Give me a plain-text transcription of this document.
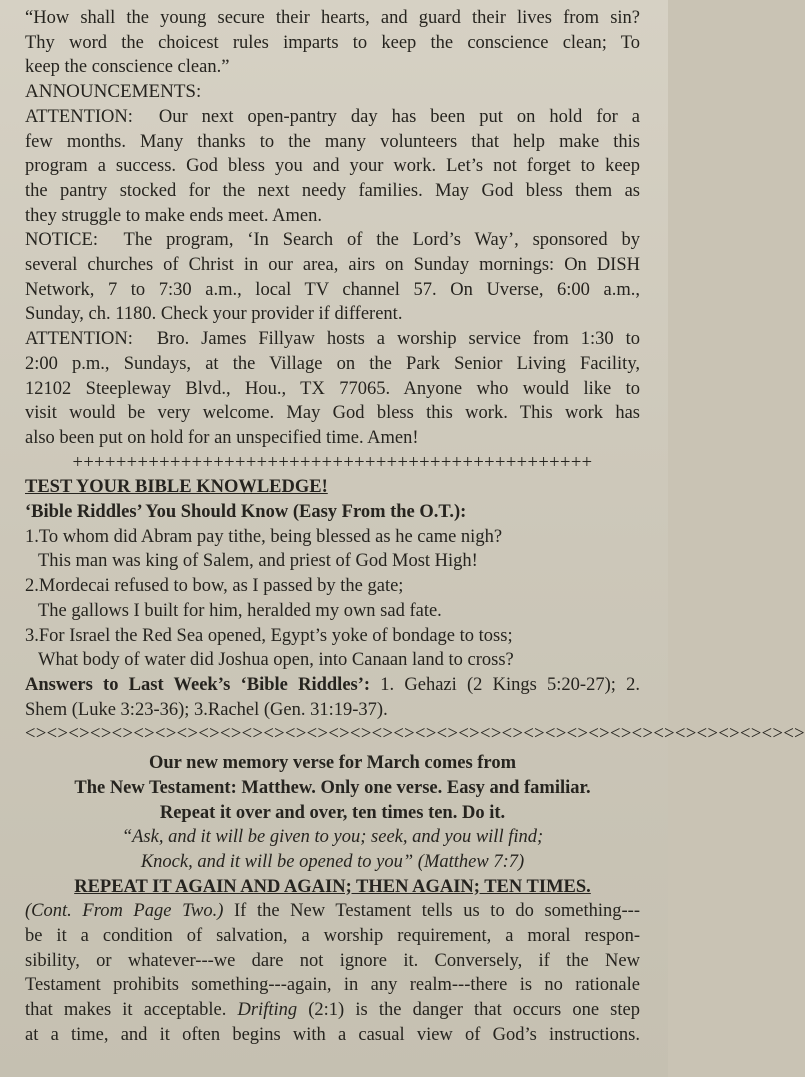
“How shall the young secure their hearts, and guard their lives from sin?

Thy word the choicest rules imparts to keep the conscience clean; To

keep the conscience clean.”

ANNOUNCEMENTS:

ATTENTION: Our next open-pantry day has been put on hold for a

few months. Many thanks to the many volunteers that help make this

program a success. God bless you and your work. Let’s not forget to keep

the pantry stocked for the next needy families. May God bless them as

they struggle to make ends meet. Amen.

NOTICE: The program, ‘In Search of the Lord’s Way’, sponsored by

several churches of Christ in our area, airs on Sunday mornings: On DISH

Network, 7 to 7:30 a.m., local TV channel 57. On Uverse, 6:00 a.m.,

Sunday, ch. 1180. Check your provider if different.

ATTENTION: Bro. James Fillyaw hosts a worship service from 1:30 to

2:00 p.m., Sundays, at the Village on the Park Senior Living Facility,

12102 Steepleway Blvd., Hou., TX 77065. Anyone who would like to

visit would be very welcome. May God bless this work. This work has

also been put on hold for an unspecified time. Amen!

++++++++++++++++++++++++++++++++++++++++++++++++

TEST YOUR BIBLE KNOWLEDGE!

‘Bible Riddles’ You Should Know (Easy From the O.T.):

1.To whom did Abram pay tithe, being blessed as he came nigh?

This man was king of Salem, and priest of God Most High!

2.Mordecai refused to bow, as I passed by the gate;

The gallows I built for him, heralded my own sad fate.

3.For Israel the Red Sea opened, Egypt’s yoke of bondage to toss;

What body of water did Joshua open, into Canaan land to cross?

Answers to Last Week’s ‘Bible Riddles’: 1. Gehazi (2 Kings 5:20-27); 2.

Shem (Luke 3:23-36); 3.Rachel (Gen. 31:19-37).

<><><><><><><><><><><><><><><><><><><><><><><><><><><><><><><><><><><><>

Our new memory verse for March comes from

The New Testament: Matthew. Only one verse. Easy and familiar.

Repeat it over and over, ten times ten. Do it.

“Ask, and it will be given to you; seek, and you will find;

Knock, and it will be opened to you” (Matthew 7:7)

REPEAT IT AGAIN AND AGAIN; THEN AGAIN; TEN TIMES.

(Cont. From Page Two.) If the New Testament tells us to do something---

be it a condition of salvation, a worship requirement, a moral respon-

sibility, or whatever---we dare not ignore it. Conversely, if the New

Testament prohibits something---again, in any realm---there is no rationale

that makes it acceptable. Drifting (2:1) is the danger that occurs one step

at a time, and it often begins with a casual view of God’s instructions.
